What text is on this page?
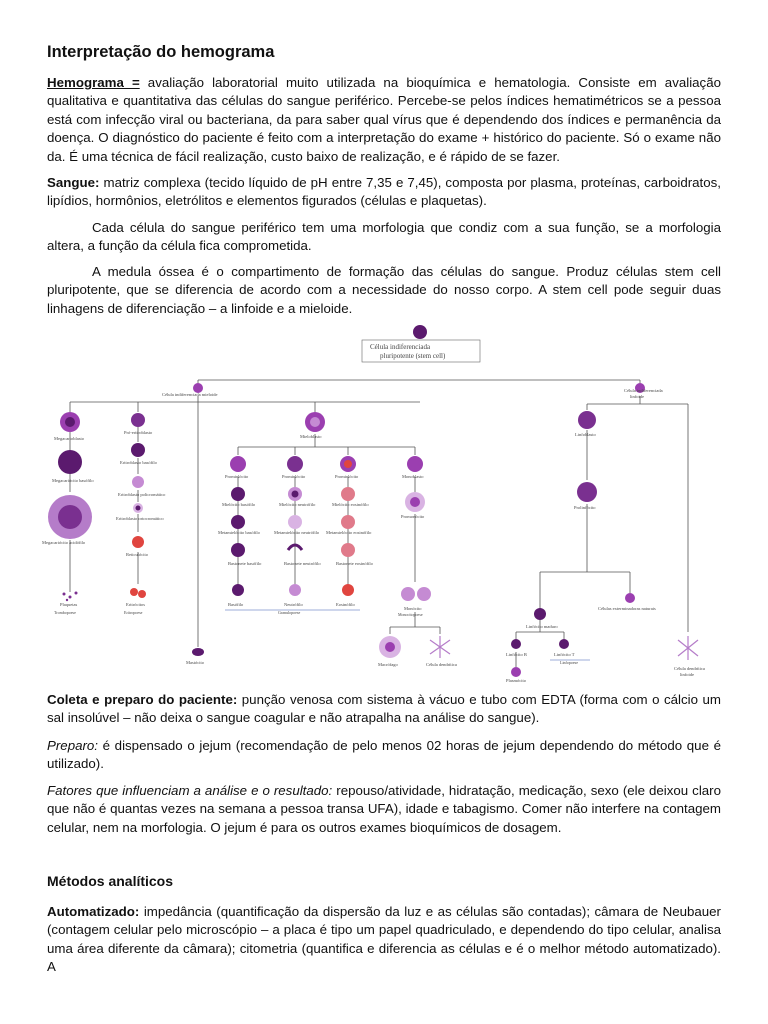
Interpretação do hemograma

Hemograma = avaliação laboratorial muito utilizada na bioquímica e hematologia. Consiste em avaliação qualitativa e quantitativa das células do sangue periférico. Percebe-se pelos índices hematimétricos se a pessoa está com infecção viral ou bacteriana, da para saber qual vírus que é dependendo dos índices e permanência da doença. O diagnóstico do paciente é feito com a interpretação do exame + histórico do paciente. Só o exame não da. É uma técnica de fácil realização, custo baixo de realização, e é rápido de se fazer.

Sangue: matriz complexa (tecido líquido de pH entre 7,35 e 7,45), composta por plasma, proteínas, carboidratos, lipídios, hormônios, eletrólitos e elementos figurados (células e plaquetas).

Cada célula do sangue periférico tem uma morfologia que condiz com a sua função, se a morfologia altera, a função da célula fica comprometida.

A medula óssea é o compartimento de formação das células do sangue. Produz células stem cell pluripotente, que se diferencia de acordo com a necessidade do nosso corpo. A stem cell pode seguir duas linhagens de diferenciação – a linfoide e a mieloide.

Coleta e preparo do paciente: punção venosa com sistema à vácuo e tubo com EDTA (forma com o cálcio um sal insolúvel – não deixa o sangue coagular e não atrapalha na análise do sangue).

Preparo: é dispensado o jejum (recomendação de pelo menos 02 horas de jejum dependendo do método que é utilizado).

Fatores que influenciam a análise e o resultado: repouso/atividade, hidratação, medicação, sexo (ele deixou claro que não é quantas vezes na semana a pessoa transa UFA), idade e tabagismo. Comer não interfere na contagem celular, nem na morfologia. O jejum é para os outros exames bioquímicos de dosagem.

Métodos analíticos

Automatizado: impedância (quantificação da dispersão da luz e as células são contadas); câmara de Neubauer (contagem celular pelo microscópio – a placa é tipo um papel quadriculado, e dependendo do tipo celular, analisa uma área diferente da câmara); citometria (quantifica e diferencia as células e é o melhor método automatizado). A

Célula indiferenciada
pluripotente (stem cell)
Célula indiferenciada mieloide
Célula indiferenciada
linfoide
Megacarioblasto
Megacariócito basófilo
Megacariócito acidófilo
Plaquetas
Trombopoese
Pró-eritroblasto
Eritroblasto basófilo
Eritroblasto policromático
Eritroblasto ortocromático
Reticulócito
Eritrócitos
Eritropoese
Mieloblasto
Promielócito
Mielócito basófilo
Metamielócito basófilo
Bastonete basófilo
Basófilo
Promielócito
Mielócito neutrófilo
Metamielócito neutrófilo
Bastonete neutrófilo
Neutrófilo
Promielócito
Mielócito eosinófilo
Metamielócito eosinófilo
Bastonete eosinófilo
Eosinófilo
Granulopoese
Monoblasto
Promonócito
Monócito
Monocitopoese
Macrófago	Célula dendrítica
Mastócito
Linfoblasto
Prolinfócito
Células exterminadoras naturais
Linfócito maduro
Linfócito B	Linfócito T
Linfopoese
Plasmócito
Célula dendrítica
linfoide
